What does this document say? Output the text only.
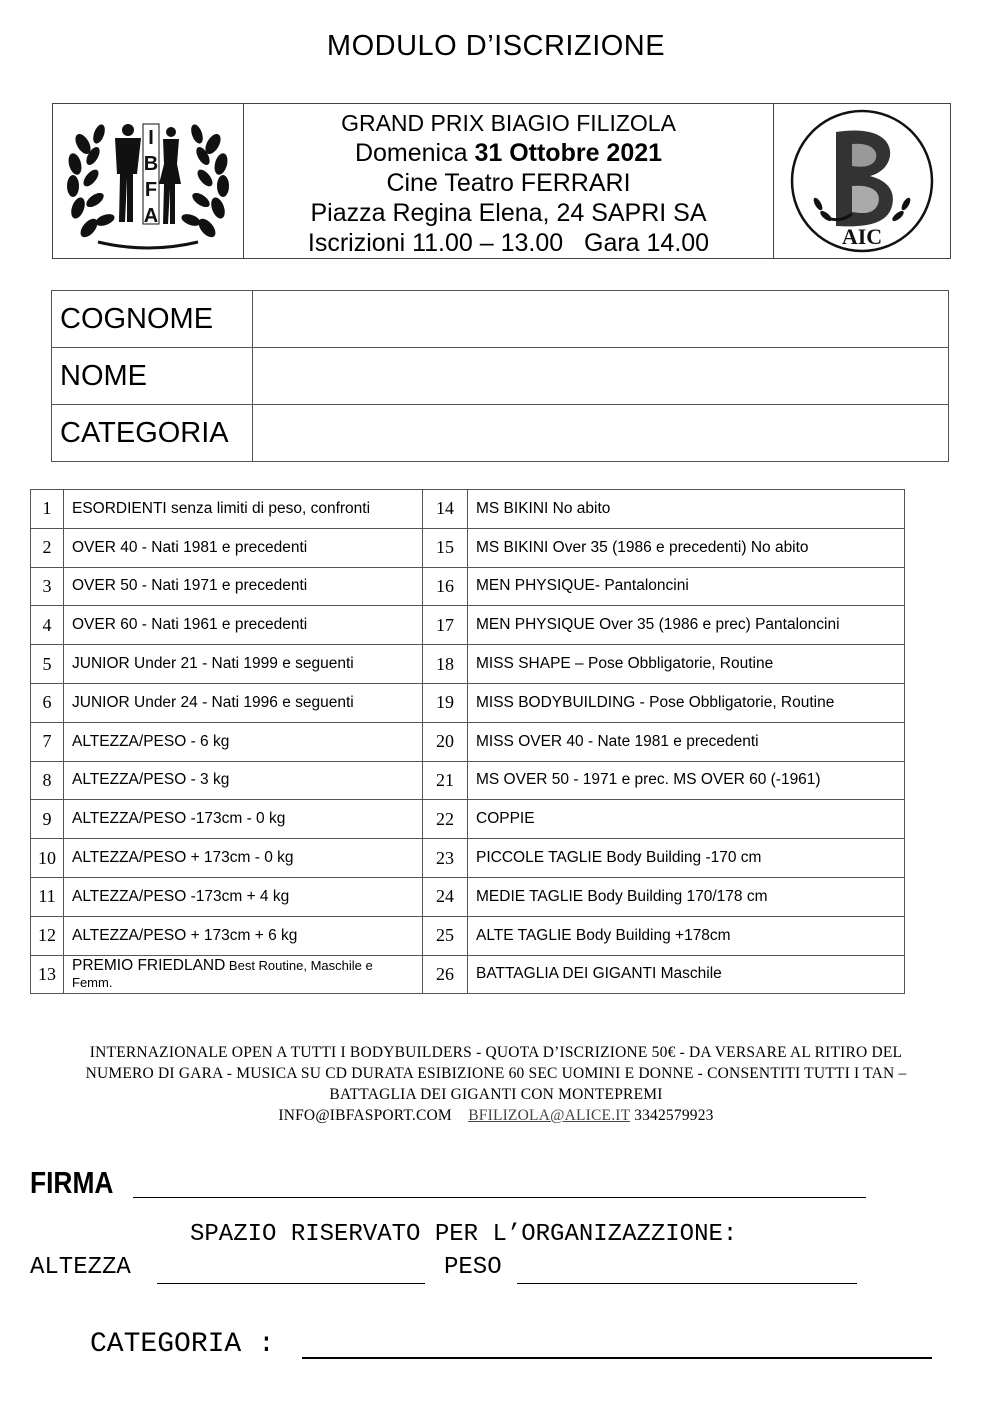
MODULO D’ISCRIZIONE
I
B
F
A
GRAND PRIX BIAGIO FILIZOLA
Domenica 31 Ottobre 2021
Cine Teatro FERRARI
Piazza Regina Elena, 24 SAPRI SA
Iscrizioni 11.00 – 13.00   Gara 14.00	AIC
COGNOME	
NOME	
CATEGORIA	
1	ESORDIENTI senza limiti di peso, confronti	14	MS BIKINI No abito
2	OVER 40 - Nati 1981 e precedenti	15	MS BIKINI Over 35 (1986 e precedenti) No abito
3	OVER 50 - Nati 1971 e precedenti	16	MEN PHYSIQUE- Pantaloncini
4	OVER 60 - Nati 1961 e precedenti	17	MEN PHYSIQUE Over 35 (1986 e prec) Pantaloncini
5	JUNIOR Under 21 - Nati 1999 e seguenti	18	MISS SHAPE – Pose Obbligatorie, Routine
6	JUNIOR Under 24 - Nati 1996 e seguenti	19	MISS BODYBUILDING - Pose Obbligatorie, Routine
7	ALTEZZA/PESO - 6 kg	20	MISS OVER 40 - Nate 1981 e precedenti
8	ALTEZZA/PESO - 3 kg	21	MS OVER 50 - 1971 e prec. MS OVER 60 (-1961)
9	ALTEZZA/PESO -173cm - 0 kg	22	COPPIE
10	ALTEZZA/PESO + 173cm - 0 kg	23	PICCOLE TAGLIE Body Building -170 cm
11	ALTEZZA/PESO -173cm + 4 kg	24	MEDIE TAGLIE Body Building 170/178 cm
12	ALTEZZA/PESO + 173cm + 6 kg	25	ALTE TAGLIE Body Building +178cm
13	PREMIO FRIEDLAND Best Routine, Maschile e Femm.	26	BATTAGLIA DEI GIGANTI Maschile
INTERNAZIONALE OPEN A TUTTI I BODYBUILDERS - QUOTA D’ISCRIZIONE 50€ - DA VERSARE AL RITIRO DEL
NUMERO DI GARA - MUSICA SU CD DURATA ESIBIZIONE 60 SEC UOMINI E DONNE - CONSENTITI TUTTI I TAN –
BATTAGLIA DEI GIGANTI CON MONTEPREMI
INFO@IBFASPORT.COM BFILIZOLA@ALICE.IT 3342579923
FIRMA
SPAZIO RISERVATO PER L’ORGANIZAZZIONE:
ALTEZZA	PESO
CATEGORIA :
